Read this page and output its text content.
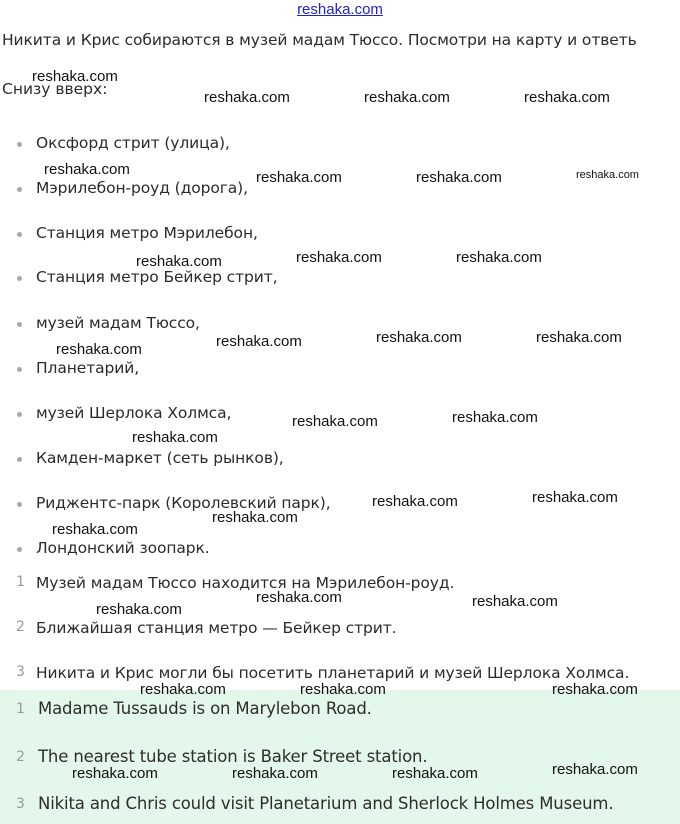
reshaka.com
Никита и Крис собираются в музей мадам Тюссо. Посмотри на карту и ответь
Снизу вверх:
Оксфорд стрит (улица),
Мэрилебон-роуд (дорога),
Станция метро Мэрилебон,
Станция метро Бейкер стрит,
музей мадам Тюссо,
Планетарий,
музей Шерлока Холмса,
Камден-маркет (сеть рынков),
Риджентс-парк (Королевский парк),
Лондонский зоопарк.
1 Музей мадам Тюссо находится на Мэрилебон-роуд.
2 Ближайшая станция метро — Бейкер стрит.
3 Никита и Крис могли бы посетить планетарий и музей Шерлока Холмса.
1 Madame Tussauds is on Marylebon Road.
2 The nearest tube station is Baker Street station.
3 Nikita and Chris could visit Planetarium and Sherlock Holmes Museum.
reshaka.com
reshaka.com	reshaka.com	reshaka.com
reshaka.com	reshaka.com	reshaka.com	reshaka.com
reshaka.com	reshaka.com
reshaka.com
reshaka.com	reshaka.com	reshaka.com
reshaka.com
reshaka.com	reshaka.com
reshaka.com
reshaka.com	reshaka.com
reshaka.com
reshaka.com
reshaka.com	reshaka.com
reshaka.com
reshaka.com	reshaka.com	reshaka.com
reshaka.com	reshaka.com	reshaka.com	reshaka.com
